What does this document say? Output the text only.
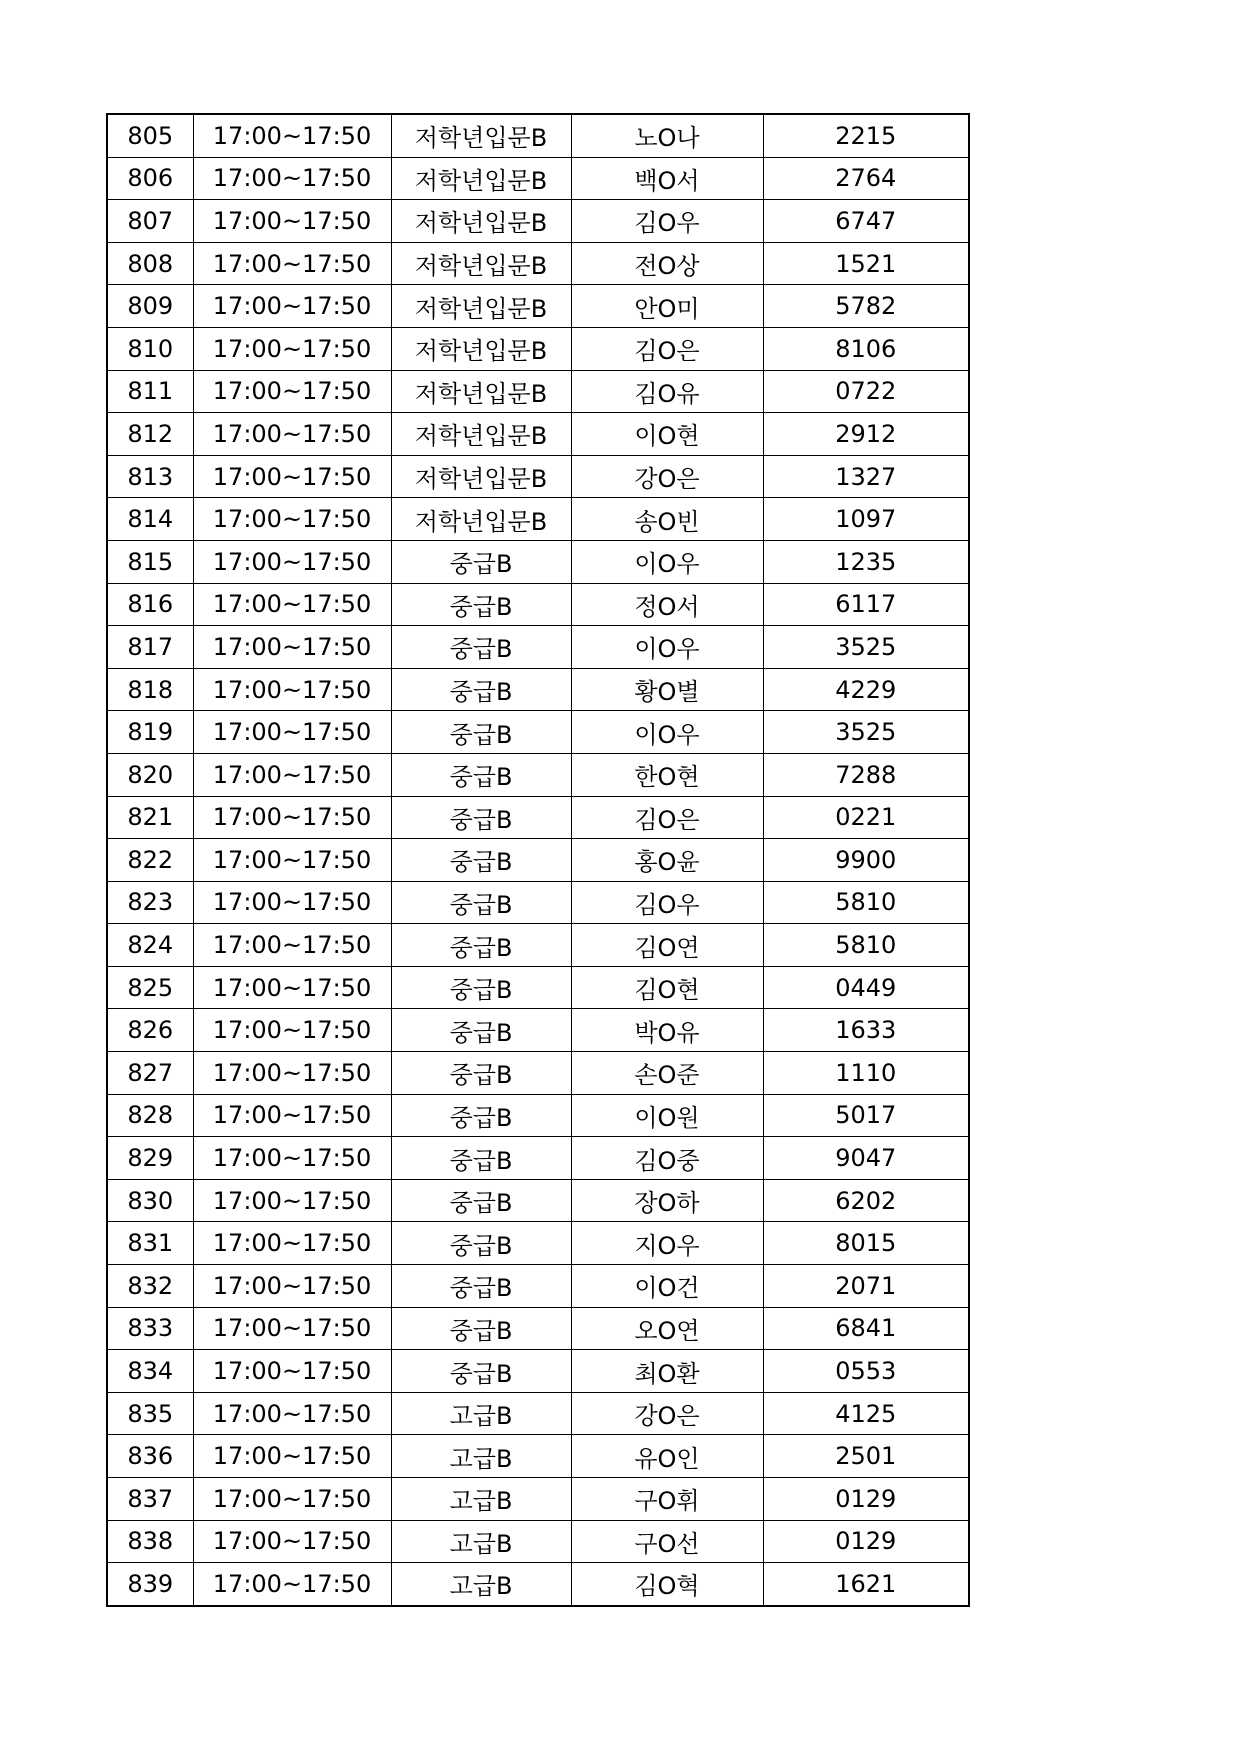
805	17:00~17:50	저학년입문B	노O나	2215
806	17:00~17:50	저학년입문B	백O서	2764
807	17:00~17:50	저학년입문B	김O우	6747
808	17:00~17:50	저학년입문B	전O상	1521
809	17:00~17:50	저학년입문B	안O미	5782
810	17:00~17:50	저학년입문B	김O은	8106
811	17:00~17:50	저학년입문B	김O유	0722
812	17:00~17:50	저학년입문B	이O현	2912
813	17:00~17:50	저학년입문B	강O은	1327
814	17:00~17:50	저학년입문B	송O빈	1097
815	17:00~17:50	중급B	이O우	1235
816	17:00~17:50	중급B	정O서	6117
817	17:00~17:50	중급B	이O우	3525
818	17:00~17:50	중급B	황O별	4229
819	17:00~17:50	중급B	이O우	3525
820	17:00~17:50	중급B	한O현	7288
821	17:00~17:50	중급B	김O은	0221
822	17:00~17:50	중급B	홍O윤	9900
823	17:00~17:50	중급B	김O우	5810
824	17:00~17:50	중급B	김O연	5810
825	17:00~17:50	중급B	김O현	0449
826	17:00~17:50	중급B	박O유	1633
827	17:00~17:50	중급B	손O준	1110
828	17:00~17:50	중급B	이O원	5017
829	17:00~17:50	중급B	김O중	9047
830	17:00~17:50	중급B	장O하	6202
831	17:00~17:50	중급B	지O우	8015
832	17:00~17:50	중급B	이O건	2071
833	17:00~17:50	중급B	오O연	6841
834	17:00~17:50	중급B	최O환	0553
835	17:00~17:50	고급B	강O은	4125
836	17:00~17:50	고급B	유O인	2501
837	17:00~17:50	고급B	구O휘	0129
838	17:00~17:50	고급B	구O선	0129
839	17:00~17:50	고급B	김O혁	1621
